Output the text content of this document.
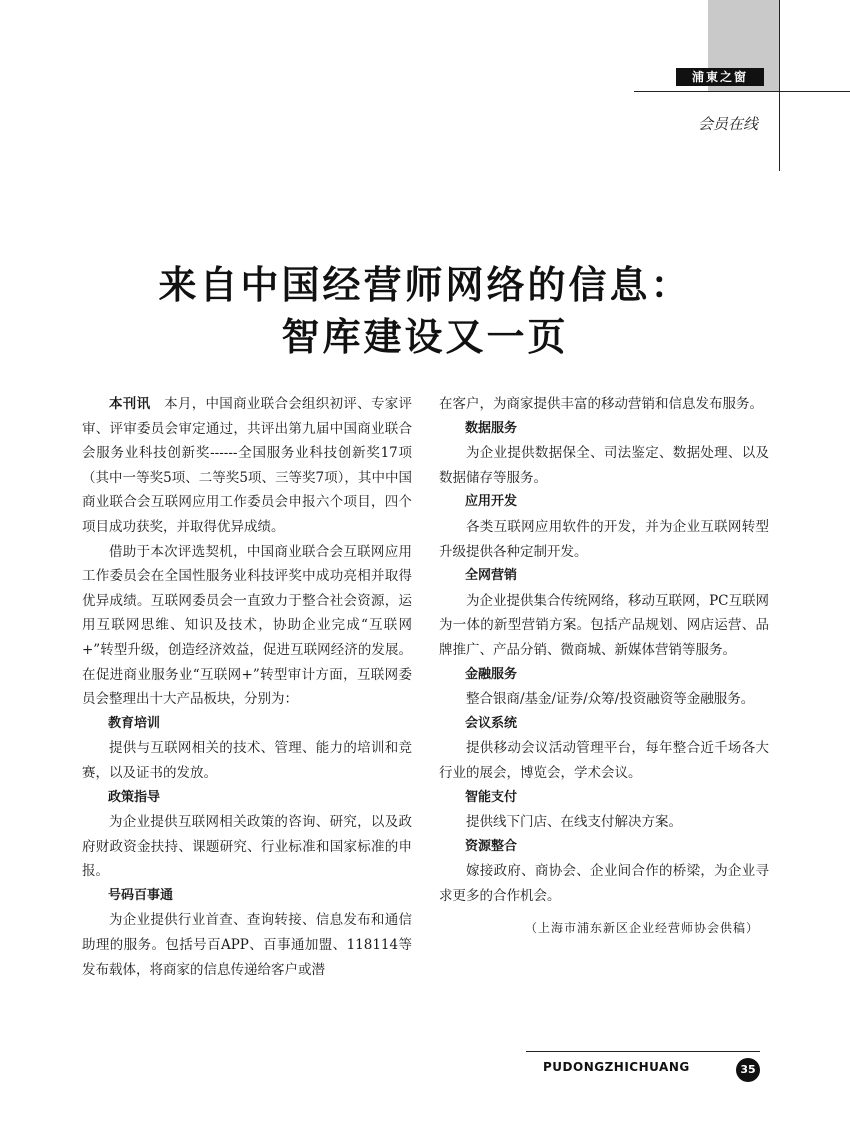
浦東之窗
会员在线
来自中国经营师网络的信息：
智库建设又一页

本刊讯　 本月，中国商业联合会组织初评、专家评审、评审委员会审定通过，共评出第九届中国商业联合会服务业科技创新奖------全国服务业科技创新奖17项（其中一等奖5项、二等奖5项、三等奖7项），其中中国商业联合会互联网应用工作委员会申报六个项目，四个项目成功获奖，并取得优异成绩。

借助于本次评选契机，中国商业联合会互联网应用工作委员会在全国性服务业科技评奖中成功亮相并取得优异成绩。互联网委员会一直致力于整合社会资源，运用互联网思维、知识及技术，协助企业完成“互联网+”转型升级，创造经济效益，促进互联网经济的发展。在促进商业服务业“互联网+”转型审计方面，互联网委员会整理出十大产品板块，分别为：

教育培训

提供与互联网相关的技术、管理、能力的培训和竞赛，以及证书的发放。

政策指导

为企业提供互联网相关政策的咨询、研究，以及政府财政资金扶持、课题研究、行业标准和国家标准的申报。

号码百事通

为企业提供行业首查、查询转接、信息发布和通信助理的服务。包括号百APP、百事通加盟、118114等发布载体，将商家的信息传递给客户或潜

在客户，为商家提供丰富的移动营销和信息发布服务。

数据服务

为企业提供数据保全、司法鉴定、数据处理、以及数据储存等服务。

应用开发

各类互联网应用软件的开发，并为企业互联网转型升级提供各种定制开发。

全网营销

为企业提供集合传统网络，移动互联网，PC互联网为一体的新型营销方案。包括产品规划、网店运营、品牌推广、产品分销、微商城、新媒体营销等服务。

金融服务

整合银商/基金/证券/众筹/投资融资等金融服务。

会议系统

提供移动会议活动管理平台，每年整合近千场各大行业的展会，博览会，学术会议。

智能支付

提供线下门店、在线支付解决方案。

资源整合

嫁接政府、商协会、企业间合作的桥梁，为企业寻求更多的合作机会。

（上海市浦东新区企业经营师协会供稿）
PUDONGZHICHUANG	35
